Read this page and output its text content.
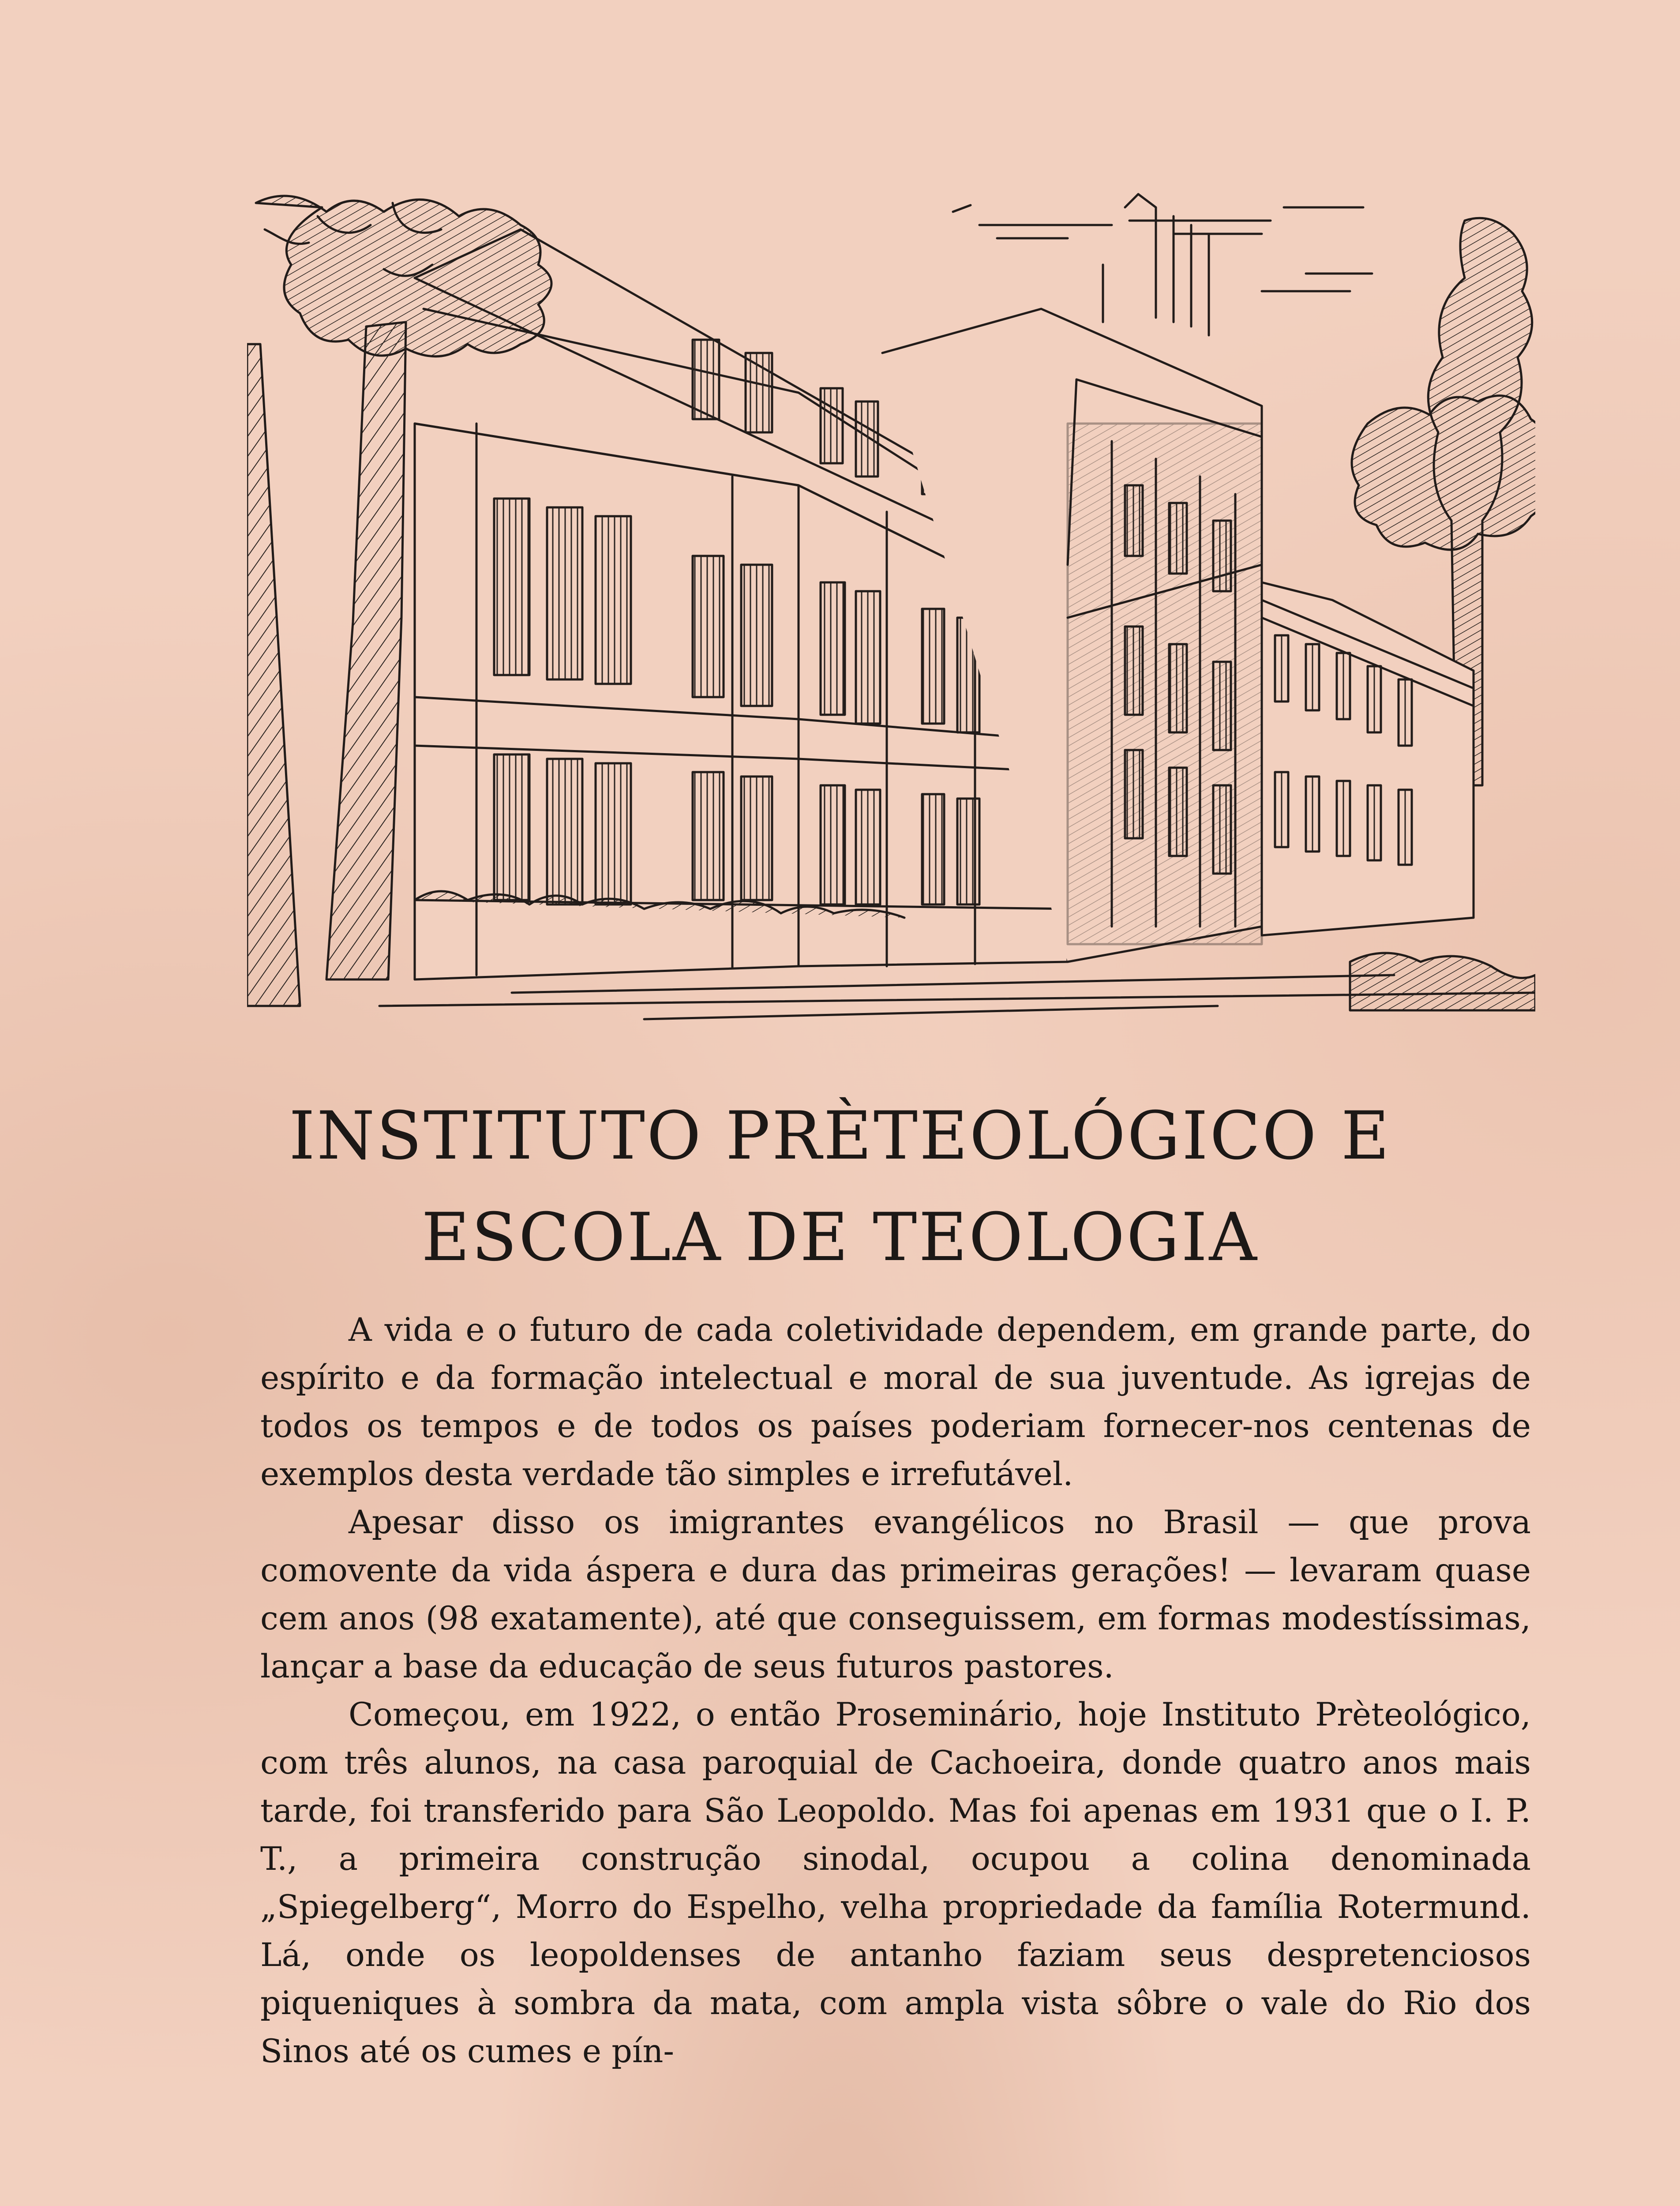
INSTITUTO PRÈTEOLÓGICO E
ESCOLA DE TEOLOGIA

A vida e o futuro de cada coletividade dependem, em grande parte, do espírito e da formação intelectual e moral de sua juventude. As igrejas de todos os tempos e de todos os países poderiam fornecer-nos centenas de exemplos desta verdade tão simples e irrefutável.

Apesar disso os imigrantes evangélicos no Brasil — que prova comovente da vida áspera e dura das primeiras gerações! — levaram quase cem anos (98 exatamente), até que conseguissem, em formas modestíssimas, lançar a base da educação de seus futuros pastores.

Começou, em 1922, o então Proseminário, hoje Instituto Prèteológico, com três alunos, na casa paroquial de Cachoeira, donde quatro anos mais tarde, foi transferido para São Leopoldo. Mas foi apenas em 1931 que o I. P. T., a primeira construção sinodal, ocupou a colina denominada „Spiegelberg“, Morro do Espelho, velha propriedade da família Rotermund. Lá, onde os leopoldenses de antanho faziam seus despretenciosos piqueniques à sombra da mata, com ampla vista sôbre o vale do Rio dos Sinos até os cumes e pín-
